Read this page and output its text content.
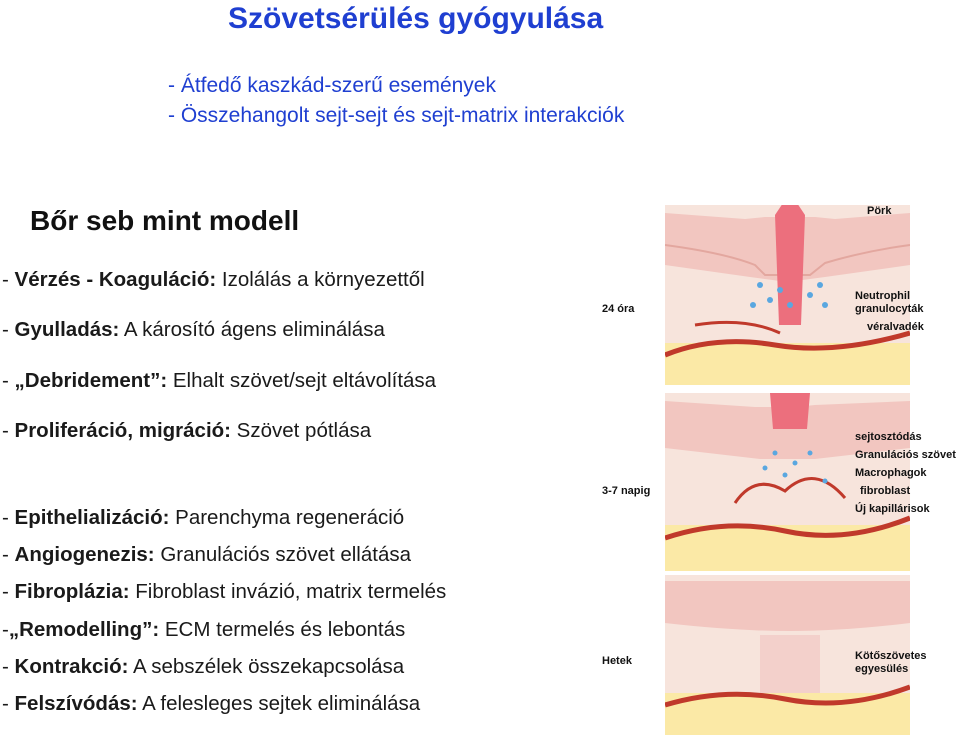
Szövetsérülés gyógyulása
- Átfedő kaszkád-szerű események
- Összehangolt sejt-sejt és sejt-matrix interakciók
Bőr seb mint modell
- Vérzés - Koaguláció: Izolálás a környezettől
- Gyulladás: A károsító ágens eliminálása
- „Debridement”: Elhalt szövet/sejt eltávolítása
- Proliferáció, migráció: Szövet pótlása
- Epithelializáció: Parenchyma regeneráció
- Angiogenezis: Granulációs szövet ellátása
- Fibroplázia: Fibroblast invázió, matrix termelés
-„Remodelling”: ECM termelés és lebontás
- Kontrakció: A sebszélek összekapcsolása
- Felszívódás: A felesleges sejtek eliminálása
24 óra
Pörk
Neutrophil granulocyták
véralvadék
3-7 napig
sejtosztódás
Granulációs szövet
Macrophagok
fibroblast
Új kapillárisok
Hetek	Kötőszövetes egyesülés
